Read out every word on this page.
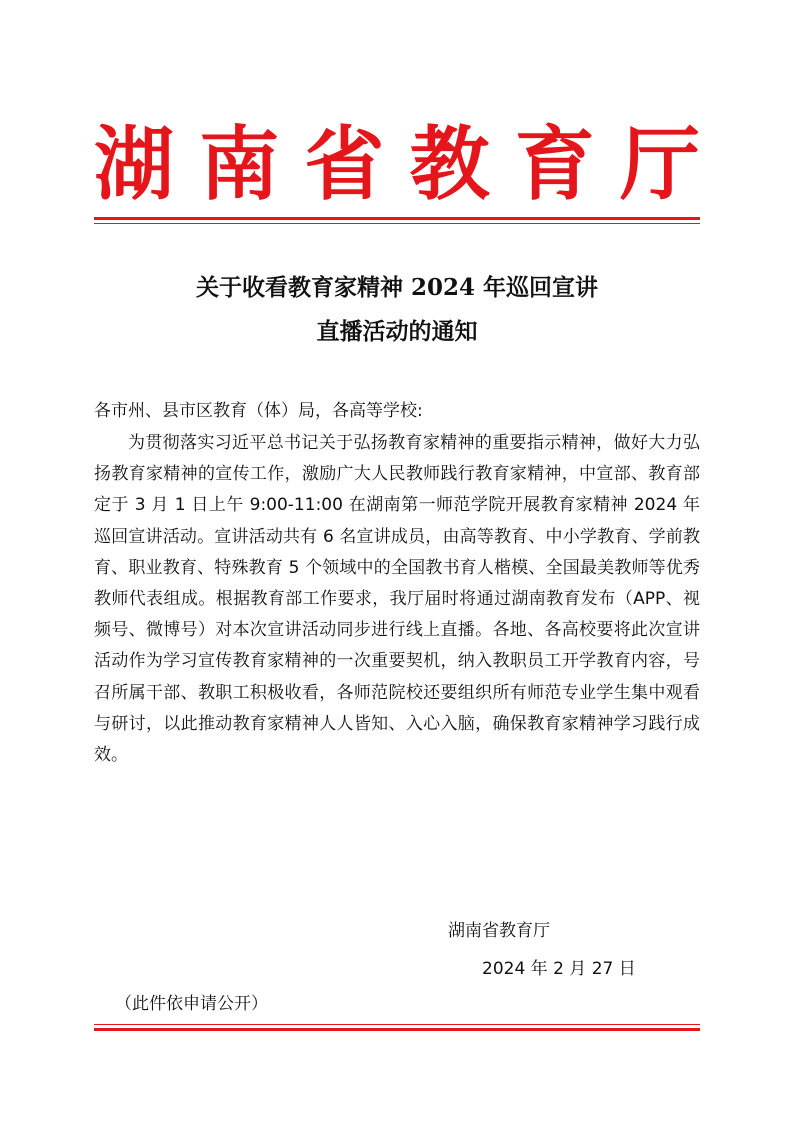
湖 南 省 教 育 厅
关于收看教育家精神 2024 年巡回宣讲
直播活动的通知
各市州、县市区教育（体）局，各高等学校:

为贯彻落实习近平总书记关于弘扬教育家精神的重要指示精神，做好大力弘扬教育家精神的宣传工作，激励广大人民教师践行教育家精神，中宣部、教育部定于 3 月 1 日上午 9:00-11:00 在湖南第一师范学院开展教育家精神 2024 年巡回宣讲活动。宣讲活动共有 6 名宣讲成员，由高等教育、中小学教育、学前教育、职业教育、特殊教育 5 个领域中的全国教书育人楷模、全国最美教师等优秀教师代表组成。根据教育部工作要求，我厅届时将通过湖南教育发布（APP、视频号、微博号）对本次宣讲活动同步进行线上直播。各地、各高校要将此次宣讲活动作为学习宣传教育家精神的一次重要契机，纳入教职员工开学教育内容，号召所属干部、教职工积极收看，各师范院校还要组织所有师范专业学生集中观看与研讨，以此推动教育家精神人人皆知、入心入脑，确保教育家精神学习践行成效。

湖南省教育厅
2024 年 2 月 27 日
（此件依申请公开）
